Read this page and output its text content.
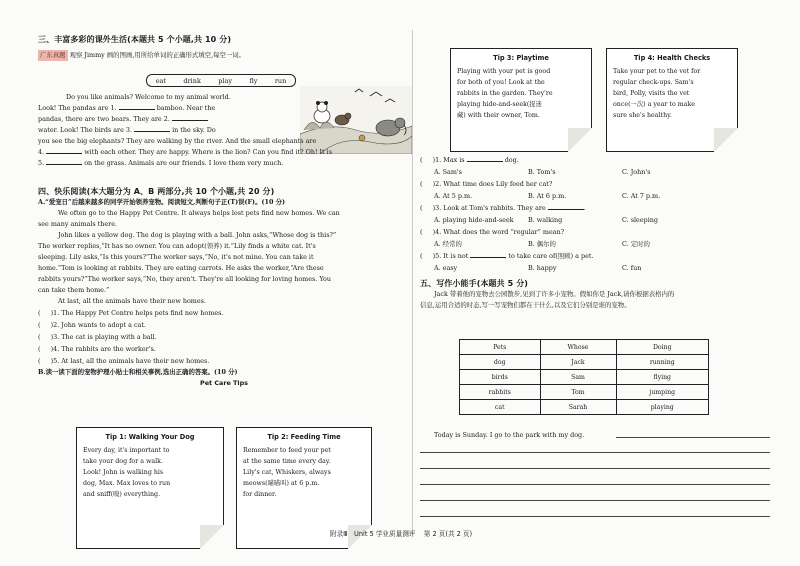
三、丰富多彩的课外生活(本题共 5 个小题,共 10 分)
广东真题 观察 Jimmy 画的图画,用所给单词的正确形式填空,每空一词。
eat	drink	play	fly	run
Do you like animals? Welcome to my animal world.
Look! The pandas are 1.	bamboo. Near the
pandas, there are two bears. They are 2.
water. Look! The birds are 3.	in the sky. Do
you see the big elephants? They are walking by the river. And the small elephants are
4.	with each other. They are happy. Where is the lion? Can you find it? Oh! It is
5.	on the grass. Animals are our friends. I love them very much.
四、快乐阅读(本大题分为 A、B 两部分,共 10 个小题,共 20 分)
A.“爱宠日”后越来越多的同学开始领养宠物。阅读短文,判断句子正(T)误(F)。(10 分)
We often go to the Happy Pet Centre. It always helps lost pets find new homes. We can
see many animals there.
John likes a yellow dog. The dog is playing with a ball. John asks,“Whose dog is this?”
The worker replies,“It has no owner. You can adopt(领养) it.”Lily finds a white cat. It's
sleeping. Lily asks,“Is this yours?”The worker says,“No, it's not mine. You can take it
home.”Tom is looking at rabbits. They are eating carrots. He asks the worker,“Are these
rabbits yours?”The worker says,“No, they aren't. They're all looking for loving homes. You
can take them home.”
At last, all the animals have their new homes.
(     )1. The Happy Pet Centre helps pets find new homes.
(     )2. John wants to adopt a cat.
(     )3. The cat is playing with a ball.
(     )4. The rabbits are the worker's.
(     )5. At last, all the animals have their new homes.
B.读一读下面的宠物护理小贴士和相关事例,选出正确的答案。(10 分)
Pet Care Tips
Tip 1: Walking Your Dog
Every day, it's important to
take your dog for a walk.
Look! John is walking his
dog, Max. Max loves to run
and sniff(嗅) everything.
Tip 2: Feeding Time
Remember to feed your pet
at the same time every day.
Lily's cat, Whiskers, always
meows(喵喵叫) at 6 p.m.
for dinner.
Tip 3: Playtime
Playing with your pet is good
for both of you! Look at the
rabbits in the garden. They're
playing hide-and-seek(捉迷
藏) with their owner, Tom.
Tip 4: Health Checks
Take your pet to the vet for
regular check-ups. Sam's
bird, Polly, visits the vet
once(一次) a year to make
sure she's healthy.
(     )1. Max is	dog.
A. Sam's	B. Tom's	C. John's
(     )2. What time does Lily feed her cat?
A. At 5 p.m.	B. At 6 p.m.	C. At 7 p.m.
(     )3. Look at Tom's rabbits. They are	.
A. playing hide-and-seek	B. walking	C. sleeping
(     )4. What does the word “regular” mean?
A. 经常的	B. 偶尔的	C. 定时的
(     )5. It is not	to take care of(照顾) a pet.
A. easy	B. happy	C. fun
五、写作小能手(本题共 5 分)
Jack 带着他的宠物去公园散步,见到了许多小宠物。假如你是 Jack,请你根据表格内的
信息,运用合适的时态,写一写宠物们都在干什么,以及它们分别是谁的宠物。
Pets	Whose	Doing
dog	Jack	running
birds	Sam	flying
rabbits	Tom	jumping
cat	Sarah	playing
Today is Sunday. I go to the park with my dog.
附录Ⅲ Unit 5 学业质量测评 第 2 页(共 2 页)
